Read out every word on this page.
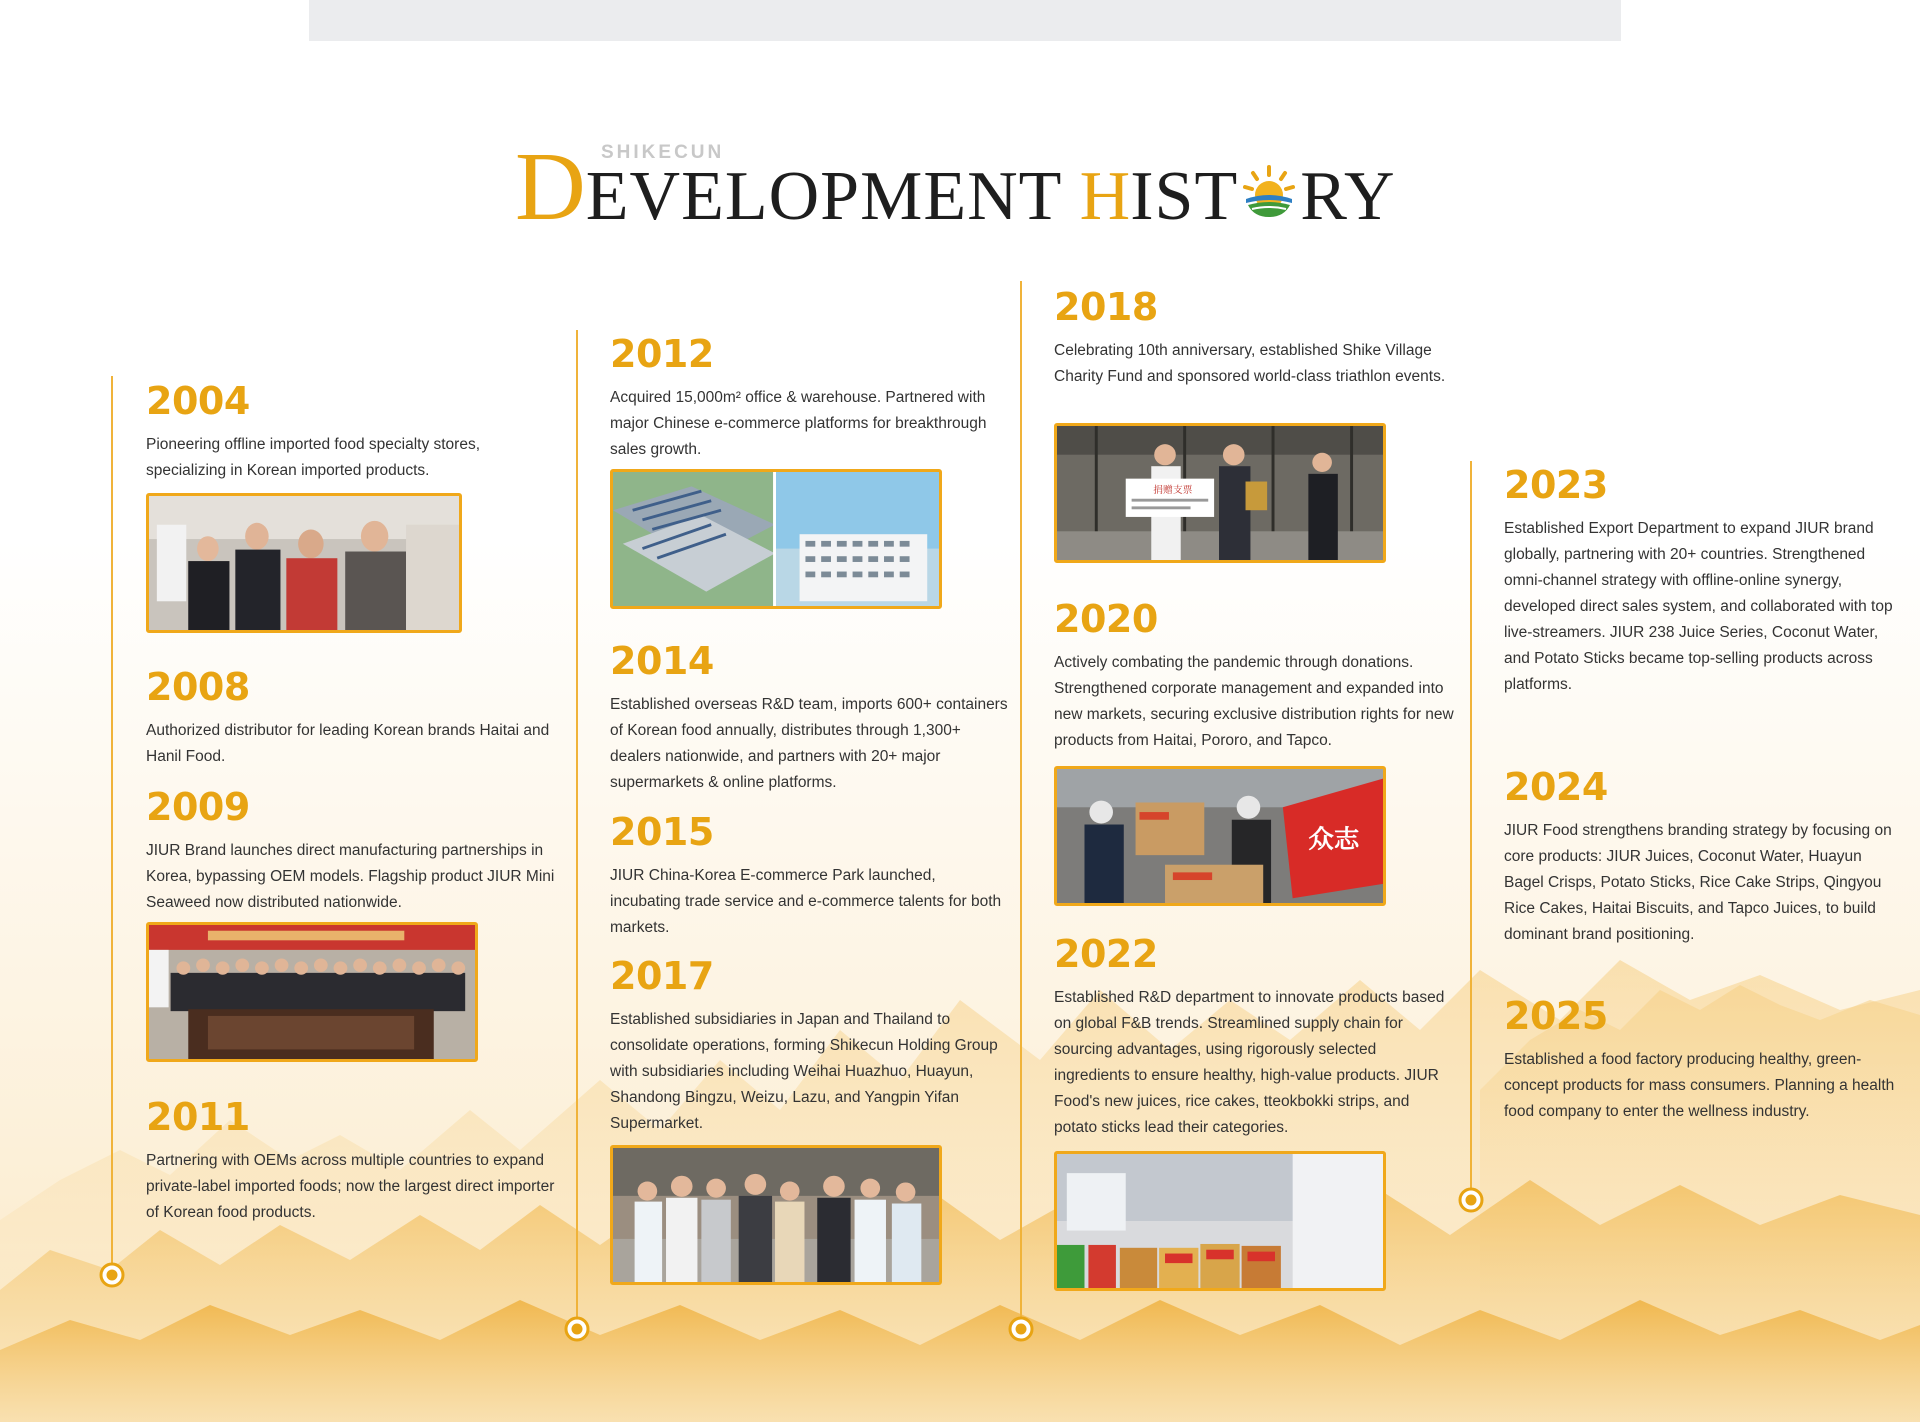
SHIKECUN
DEVELOPMENT HIST RY
2004

Pioneering offline imported food specialty stores, specializing in Korean imported products.

2008

Authorized distributor for leading Korean brands Haitai and Hanil Food.

2009

JIUR Brand launches direct manufacturing partnerships in Korea, bypassing OEM models. Flagship product JIUR Mini Seaweed now distributed nationwide.

2011

Partnering with OEMs across multiple countries to expand private-label imported foods; now the largest direct importer of Korean food products.

2012

Acquired 15,000m² office & warehouse. Partnered with major Chinese e-commerce platforms for breakthrough sales growth.

2014

Established overseas R&D team, imports 600+ containers of Korean food annually, distributes through 1,300+ dealers nationwide, and partners with 20+ major supermarkets & online platforms.

2015

JIUR China-Korea E-commerce Park launched, incubating trade service and e-commerce talents for both markets.

2017

Established subsidiaries in Japan and Thailand to consolidate operations, forming Shikecun Holding Group with subsidiaries including Weihai Huazhuo, Huayun, Shandong Bingzu, Weizu, Lazu, and Yangpin Yifan Supermarket.

2018

Celebrating 10th anniversary, established Shike Village Charity Fund and sponsored world-class triathlon events.

捐赠支票
2020

Actively combating the pandemic through donations. Strengthened corporate management and expanded into new markets, securing exclusive distribution rights for new products from Haitai, Pororo, and Tapco.

众志
2022

Established R&D department to innovate products based on global F&B trends. Streamlined supply chain for sourcing advantages, using rigorously selected ingredients to ensure healthy, high-value products. JIUR Food's new juices, rice cakes, tteokbokki strips, and potato sticks lead their categories.

2023

Established Export Department to expand JIUR brand globally, partnering with 20+ countries. Strengthened omni-channel strategy with offline-online synergy, developed direct sales system, and collaborated with top live-streamers. JIUR 238 Juice Series, Coconut Water, and Potato Sticks became top-selling products across platforms.

2024

JIUR Food strengthens branding strategy by focusing on core products: JIUR Juices, Coconut Water, Huayun Bagel Crisps, Potato Sticks, Rice Cake Strips, Qingyou Rice Cakes, Haitai Biscuits, and Tapco Juices, to build dominant brand positioning.

2025

Established a food factory producing healthy, green-concept products for mass consumers. Planning a health food company to enter the wellness industry.
